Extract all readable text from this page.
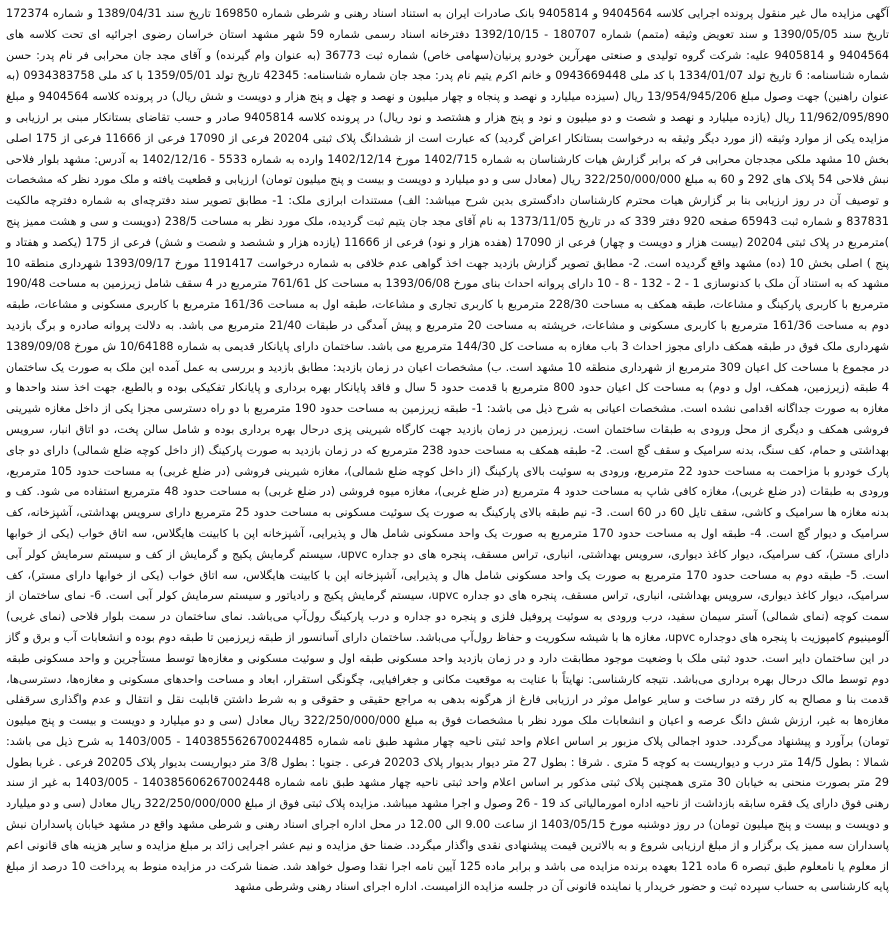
آگهی مزایده مال غیر منقول پرونده اجرایی کلاسه 9404564 و 9405814 بانک صادرات ایران به استناد اسناد رهنی و شرطی شماره 169850 تاریخ سند 1389/04/31 و شماره 172374 تاریخ سند 1390/05/05 و سند تعویض وثیقه (متمم) شماره 180707 - 1392/10/15 دفترخانه اسناد رسمی شماره 59 شهر مشهد استان خراسان رضوی اجرائیه ای تحت کلاسه های 9404564 و 9405814 علیه: شرکت گروه تولیدی و صنعتی مهرآرین خودرو پرنیان(سهامی خاص) شماره ثبت 36773 (به عنوان وام گیرنده) و آقای مجد جان محرابی فر نام پدر: حسن شماره شناسنامه: 6 تاریخ تولد 1334/01/07 با کد ملی 0943669448 و خانم اکرم یتیم نام پدر: مجد جان شماره شناسنامه: 42345 تاریخ تولد 1359/05/01 با کد ملی 0934383758 (به عنوان راهنین) جهت وصول مبلغ 13/954/945/206 ریال (سیزده میلیارد و نهصد و پنجاه و چهار میلیون و نهصد و چهل و پنج هزار و دویست و شش ریال) در پرونده کلاسه 9404564 و مبلغ 11/962/095/890 ریال (یازده میلیارد و نهصد و شصت و دو میلیون و نود و پنج هزار و هشتصد و نود ریال) در پرونده کلاسه 9405814 صادر و حسب تقاضای بستانکار مبنی بر ارزیابی و مزایده یکی از موارد وثیقه (از مورد دیگر وثیقه به درخواست بستانکار اعراض گردید) که عبارت است از ششدانگ پلاک ثبتی 20204 فرعی از 17090 فرعی از 11666 فرعی از 175 اصلی بخش 10 مشهد ملکی مجدجان محرابی فر که برابر گزارش هیات کارشناسان به شماره 1402/715 مورخ 1402/12/14 وارده به شماره 5533 - 1402/12/16 به آدرس: مشهد بلوار فلاحی نبش فلاحی 54 پلاک های 292 و 60 به مبلغ 322/250/000/000 ریال (معادل سی و دو میلیارد و دویست و بیست و پنج میلیون تومان) ارزیابی و قطعیت یافته و ملک مورد نظر که مشخصات و توصیف آن در روز ارزیابی بنا بر گزارش هیات محترم کارشناسان دادگستری بدین شرح میباشد: الف) مستندات ابرازی ملک: 1- مطابق تصویر سند دفترچه‌ای به شماره دفترچه مالکیت 837831 و شماره ثبت 65943 صفحه 920 دفتر 339 که در تاریخ 1373/11/05 به نام آقای مجد جان یتیم ثبت گردیده، ملک مورد نظر به مساحت 238/5 (دویست و سی و هشت ممیز پنج )مترمربع در پلاک ثبتی 20204 (بیست هزار و دویست و چهار) فرعی از 17090 (هفده هزار و نود) فرعی از 11666 (یازده هزار و ششصد و شصت و شش) فرعی از 175 (یکصد و هفتاد و پنج ) اصلی بخش 10 (ده) مشهد واقع گردیده است. 2- مطابق تصویر گزارش بازدید جهت اخذ گواهی عدم خلافی به شماره درخواست 1191417 مورخ 1393/09/17 شهرداری منطقه 10 مشهد که به استناد آن ملک با کدنوسازی 1 - 2 - 132 - 8 - 10 دارای پروانه احداث بنای مورخ 1393/06/08 به مساحت کل 761/61 مترمربع در 4 سقف شامل زیرزمین به مساحت 190/48 مترمربع با کاربری پارکینگ و مشاعات، طبقه همکف به مساحت 228/30 مترمربع با کاربری تجاری و مشاعات، طبقه اول به مساحت 161/36 مترمربع با کاربری مسکونی و مشاعات، طبقه دوم به مساحت 161/36 مترمربع با کاربری مسکونی و مشاعات، خرپشته به مساحت 20 مترمربع و پیش آمدگی در طبقات 21/40 مترمربع می باشد. به دلالت پروانه صادره و برگ بازدید شهرداری ملک فوق در طبقه همکف دارای مجوز احداث 3 باب مغازه به مساحت کل 144/30 مترمربع می باشد. ساختمان دارای پایانکار قدیمی به شماره 10/64188 ش مورخ 1389/09/08 در مجموع با مساحت کل اعیان 309 مترمربع از شهرداری منطقه 10 مشهد است. ب) مشخصات اعیان در زمان بازدید: مطابق بازدید و بررسی به عمل آمده این ملک به صورت یک ساختمان 4 طبقه (زیرزمین، همکف، اول و دوم) به مساحت کل اعیان حدود 800 مترمربع با قدمت حدود 5 سال و فاقد پایانکار بهره برداری و پایانکار تفکیکی بوده و بالطبع، جهت اخذ سند واحدها و مغازه به صورت جداگانه اقدامی نشده است. مشخصات اعیانی به شرح ذیل می باشد: 1- طبقه زیرزمین به مساحت حدود 190 مترمربع با دو راه دسترسی مجزا یکی از داخل مغازه شیرینی فروشی همکف و دیگری از محل ورودی به طبقات ساختمان است. زیرزمین در زمان بازدید جهت کارگاه شیرینی پزی درحال بهره برداری بوده و شامل سالن پخت، دو اتاق انبار، سرویس بهداشتی و حمام، کف سنگ، بدنه سرامیک و سقف گچ است. 2- طبقه همکف به مساحت حدود 238 مترمربع که در زمان بازدید به صورت پارکینگ (از داخل کوچه ضلع شمالی) دارای دو جای پارک خودرو با مزاحمت به مساحت حدود 22 مترمربع، ورودی به سوئیت بالای پارکینگ (از داخل کوچه ضلع شمالی)، مغازه شیرینی فروشی (در ضلع غربی) به مساحت حدود 105 مترمربع، ورودی به طبقات (در ضلع غربی)، مغازه کافی شاپ به مساحت حدود 4 مترمربع (در ضلع غربی)، مغازه میوه فروشی (در ضلع غربی) به مساحت حدود 48 مترمربع استفاده می شود. کف و بدنه مغازه ها سرامیک و کاشی، سقف تایل 60 در 60 است. 3- نیم طبقه بالای پارکینگ به صورت یک سوئیت مسکونی به مساحت حدود 25 مترمربع دارای سرویس بهداشتی، آشپزخانه، کف سرامیک و دیوار گچ است. 4- طبقه اول به مساحت حدود 170 مترمربع به صورت یک واحد مسکونی شامل هال و پذیرایی، آشپزخانه اپن با کابینت هایگلاس، سه اتاق خواب (یکی از خوابها دارای مستر)، کف سرامیک، دیوار کاغذ دیواری، سرویس بهداشتی، انباری، تراس مسقف، پنجره های دو جداره upvc، سیستم گرمایش پکیج و گرمایش از کف و سیستم سرمایش کولر آبی است. 5- طبقه دوم به مساحت حدود 170 مترمربع به صورت یک واحد مسکونی شامل هال و پذیرایی، آشپزخانه اپن با کابینت هایگلاس، سه اتاق خواب (یکی از خوابها دارای مستر)، کف سرامیک، دیوار کاغذ دیواری، سرویس بهداشتی، انباری، تراس مسقف، پنجره های دو جداره upvc، سیستم گرمایش پکیج و رادیاتور و سیستم سرمایش کولر آبی است. 6- نمای ساختمان از سمت کوچه (نمای شمالی) آستر سیمان سفید، درب ورودی به سوئیت پروفیل فلزی و پنجره دو جداره و درب پارکینگ رول‌آپ می‌باشد. نمای ساختمان در سمت بلوار فلاحی (نمای غربی) آلومینیوم کامپوزیت با پنجره های دوجداره upvc، مغازه ها با شیشه سکوریت و حفاظ رول‌آپ می‌باشد. ساختمان دارای آسانسور از طبقه زیرزمین تا طبقه دوم بوده و انشعابات آب و برق و گاز در این ساختمان دایر است. حدود ثبتی ملک با وضعیت موجود مطابقت دارد و در زمان بازدید واحد مسکونی طبقه اول و سوئیت مسکونی و مغازه‌ها توسط مستأجرین و واحد مسکونی طبقه دوم توسط مالک درحال بهره برداری می‌باشد. نتیجه کارشناسی: نهایتاً با عنایت به موقعیت مکانی و جغرافیایی، چگونگی استقرار، ابعاد و مساحت واحدهای مسکونی و مغازه‌ها، دسترسی‌ها، قدمت بنا و مصالح به کار رفته در ساخت و سایر عوامل موثر در ارزیابی فارغ از هرگونه بدهی به مراجع حقیقی و حقوقی و به شرط داشتن قابلیت نقل و انتقال و عدم واگذاری سرقفلی مغازه‌ها به غیر، ارزش شش دانگ عرصه و اعیان و انشعابات ملک مورد نظر با مشخصات فوق به مبلغ 322/250/000/000 ریال معادل (سی و دو میلیارد و دویست و بیست و پنج میلیون تومان) برآورد و پیشنهاد می‌گردد. حدود اجمالی پلاک مزبور بر اساس اعلام واحد ثبتی ناحیه چهار مشهد طبق نامه شماره 140385562670024485 - 1403/005 به شرح ذیل می باشد: شمالا : بطول 14/5 متر درب و دیواریست به کوچه 5 متری . شرقا : بطول 27 متر دیوار بدیوار پلاک 20203 فرعی . جنوبا : بطول 3/8 متر دیواریست بدیوار پلاک 20205 فرعی . غربا بطول 29 متر بصورت منحنی به خیابان 30 متری همچنین پلاک ثبتی مذکور بر اساس اعلام واحد ثبتی ناحیه چهار مشهد طبق نامه شماره 140385606267002448 - 1403/005 به غیر از سند رهنی فوق دارای یک فقره سابقه بازداشت از ناحیه اداره امورمالیاتی کد 19 - 26 وصول و اجرا مشهد میباشد. مزایده پلاک ثبتی فوق از مبلغ 322/250/000/000 ریال معادل (سی و دو میلیارد و دویست و بیست و پنج میلیون تومان) در روز دوشنبه مورخ 1403/05/15 از ساعت 9.00 الی 12.00 در محل اداره اجرای اسناد رهنی و شرطی مشهد واقع در مشهد خیابان پاسداران نبش پاسداران سه ممیز یک برگزار و از مبلغ ارزیابی شروع و به بالاترین قیمت پیشنهادی نقدی واگذار میگردد. ضمنا حق مزایده و نیم عشر اجرایی زائد بر مبلغ مزایده و سایر هزینه های قانونی اعم از معلوم یا نامعلوم طبق تبصره 6 ماده 121 بعهده برنده مزایده می باشد و برابر ماده 125 آیین نامه اجرا نقدا وصول خواهد شد. ضمنا شرکت در مزایده منوط به پرداخت 10 درصد از مبلغ پایه کارشناسی به حساب سپرده ثبت و حضور خریدار یا نماینده قانونی آن در جلسه مزایده الزامیست. اداره اجرای اسناد رهنی وشرطی مشهد
